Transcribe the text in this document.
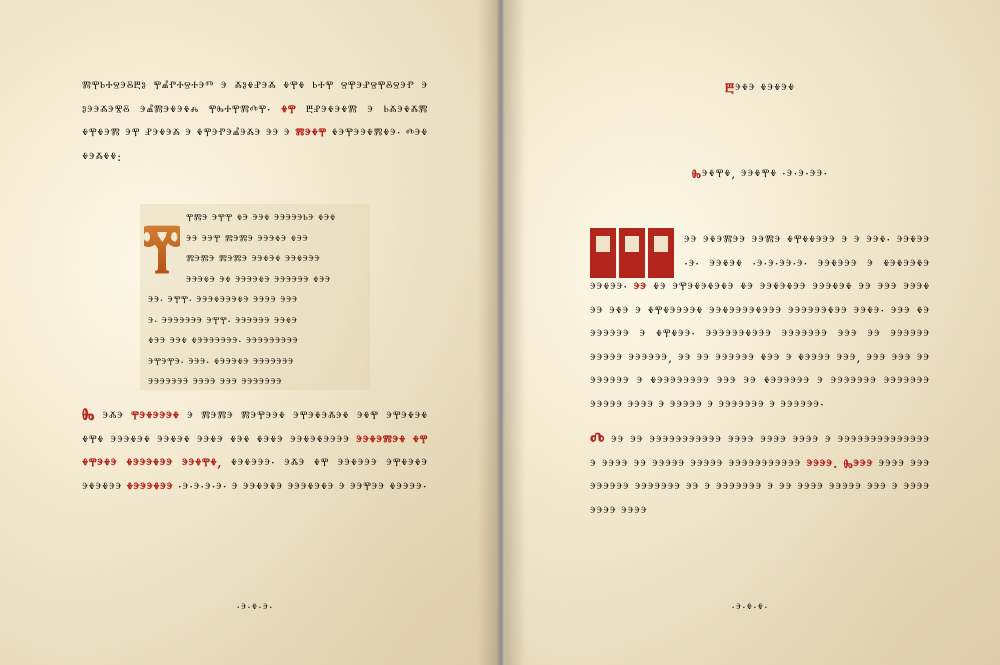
ⰿⰹⱃⰰⱄⰵⰻⰱⱁ ⰹⰼⱂⰰⱄⰰⰵⱅ ⰵ ⰶⱁⰷⱀⰵⰶ ⰷⰹⰷ ⱃⰰⰹ ⱄⰹⰵⱀⱄⰹⰻⱄⰵⱂ ⰵ ⱁⰵⰵⰶⰵⰺⰻ ⰵⰼⰿⰵⰷⰵⰷⰾ ⰹⰸⰰⰹⰿⰴⰹ· ⰷⰹ ⰱⱀⰵⰷⰵⰷⰿ ⰵ ⱃⰶⰵⰷⰶⰿ ⰷⰹⰷⰵⰿ ⰵⰹ ⱀⰵⰷⰵⰶ ⰵ ⰷⰹⰵⱂⰵⰼⰵⰶⰵ ⰵⰵ ⰵ ⰿⰵⰷⰹ ⰷⰵⰹⰵⰵⰷⰿⰷⰵ· ⰴⰵⰷ ⰷⰵⰶⰷⰷ:

Ⰹ
ⰹⰿⰵ ⰵⰹⰹ ⰷⰵ ⰵⰵⰷ ⰵⰵⰵⰵⰵⱃⰵ ⰷⰵⰷ
ⰵⰵ ⰵⰵⰹ ⰿⰵⰿⰵ ⰵⰵⰵⰷⰵ ⰷⰵⰵ
ⰿⰵⰿⰵ ⰿⰵⰿⰵ ⰵⰵⰷⰵⰷ ⰵⰵⰷⰵⰵⰵ
ⰵⰵⰵⰷⰵ ⰵⰷ ⰵⰵⰵⰵⰷⰵ ⰵⰵⰵⰵⰵⰵ ⰷⰵⰵ
ⰵⰵ· ⰵⰹⰹ· ⰵⰵⰵⰷⰵⰵⰵⰷⰵ ⰵⰵⰵⰵ ⰵⰵⰵ
ⰵ· ⰵⰵⰵⰵⰵⰵⰵ ⰵⰹⰹ· ⰵⰵⰵⰵⰵⰵ ⰵⰵⰷⰵ
ⰷⰵⰵ ⰵⰵⰷ ⰷⰵⰵⰵⰵⰵⰵⰵ· ⰵⰵⰵⰵⰵⰵⰵⰵⰵ
ⰵⰹⰵⰹⰵ· ⰵⰵⰵ· ⰷⰵⰵⰵⰷⰵ ⰵⰵⰵⰵⰵⰵⰵ
ⰵⰵⰵⰵⰵⰵⰵ ⰵⰵⰵⰵ ⰵⰵⰵ ⰵⰵⰵⰵⰵⰵⰵ

Ⰸ ⰵⰶⰵ ⰹⰵⰷⰵⰵⰵⰷ ⰵ ⰿⰵⰿⰵ ⰿⰵⰹⰵⰵⰷ ⰵⰹⰵⰷⰵⰶⰵⰷ ⰵⰷⰹ ⰵⰹⰵⰷⰵⰷ ⰷⰹⰷ ⰵⰵⰵⰷⰵⰷ ⰵⰵⰷⰵⰷ ⰵⰵⰷⰵ ⰷⰵⰷ ⰷⰵⰷⰵ ⰵⰵⰷⰵⰷⰵⰵⰵⰵ ⰵⰵⰷⰵⰿⰵⰷ ⰷⰹ ⰷⰹⰵⰷⰵ ⰷⰵⰵⰵⰷⰵⰵ ⰵⰵⰷⰹⰷ, ⰷⰵⰷⰵⰵⰵ· ⰵⰶⰵ ⰷⰹ ⰵⰵⰷⰵⰵⰵ ⰵⰹⰷⰵⰷⰵ ⰵⰷⰵⰷⰵⰵ ⰷⰵⰵⰵⰷⰵⰵ ·ⰵ·ⰵ·ⰵ·ⰵ· ⰵ ⰵⰵⰷⰵⰷⰵ ⰵⰵⰵⰷⰵⰷⰵ ⰵ ⰵⰵⰹⰵⰵ ⰷⰵⰵⰵⰵ·

·ⰵ·ⰷ·ⰵ·
Ⰱⰵⰷⰵ ⰷⰵⰷⰵⰷ
Ⰸⰵⰷⰹⰷ, ⰵⰵⰷⰹⰷ ·ⰵ·ⰵ·ⰵⰵ·

ⰵⰵ ⰵⰷⰵⰿⰵⰵ ⰵⰵⰿⰵ ⰷⰹⰷⰷⰵⰵⰵ ⰵ ⰵ ⰵⰵⰷ· ⰵⰵⰷⰵⰵ ·ⰵ· ⰵⰵⰷⰵⰷ ·ⰵ·ⰵ·ⰵⰵ·ⰵ· ⰵⰵⰷⰵⰵⰵ ⰵ ⰷⰵⰷⰵⰵⰷⰵ ⰵⰵⰷⰵⰵ· ⰵⰵ ⰷⰵ ⰵⰹⰵⰷⰵⰷⰵⰷⰵ ⰷⰵ ⰵⰵⰷⰵⰷⰵⰵ ⰵⰵⰵⰷⰵⰷ ⰵⰵ ⰵⰵⰵ ⰵⰵⰵⰷ ⰵⰵ ⰵⰷⰵ ⰵ ⰷⰹⰷⰵⰵⰵⰵⰷ ⰵⰵⰷⰵⰵⰵⰵⰷⰵⰵⰵ ⰵⰵⰵⰵⰵⰵⰷⰵⰵ ⰵⰵⰷⰵ· ⰵⰵⰵ ⰷⰵ ⰵⰵⰵⰵⰵⰵ ⰵ ⰷⰹⰷⰵⰵ· ⰵⰵⰵⰵⰵⰵⰷⰵⰵⰵ ⰵⰵⰵⰵⰵⰵⰵ ⰵⰵⰵ ⰵⰵ ⰵⰵⰵⰵⰵⰵ ⰵⰵⰵⰵⰵ ⰵⰵⰵⰵⰵⰵ, ⰵⰵ ⰵⰵ ⰵⰵⰵⰵⰵⰵ ⰷⰵⰵ ⰵ ⰷⰵⰵⰵⰵ ⰵⰵⰵ, ⰵⰵⰵ ⰵⰵⰵ ⰵⰵ ⰵⰵⰵⰵⰵⰵ ⰵ ⰷⰵⰵⰵⰵⰵⰵⰵⰵ ⰵⰵⰵ ⰵⰵ ⰷⰵⰵⰵⰵⰵⰵ ⰵ ⰵⰵⰵⰵⰵⰵⰵ ⰵⰵⰵⰵⰵⰵⰵ ⰵⰵⰵⰵⰵ ⰵⰵⰵⰵ ⰵ ⰵⰵⰵⰵⰵ ⰵ ⰵⰵⰵⰵⰵⰵⰵ ⰵ ⰵⰵⰵⰵⰵⰵ·

Ⰴ ⰵⰵ ⰵⰵ ⰵⰵⰵⰵⰵⰵⰵⰵⰵⰵⰵ ⰵⰵⰵⰵ ⰵⰵⰵⰵ ⰵⰵⰵⰵ ⰵ ⰵⰵⰵⰵⰵⰵⰵⰵⰵⰵⰵⰵⰵⰵ ⰵ ⰵⰵⰵⰵ ⰵⰵ ⰵⰵⰵⰵⰵ ⰵⰵⰵⰵⰵ ⰵⰵⰵⰵⰵⰵⰵⰵⰵⰵⰵ ⰵⰵⰵⰵ. Ⰸⰵⰵⰵ ⰵⰵⰵⰵ ⰵⰵⰵ ⰵⰵⰵⰵⰵⰵ ⰵⰵⰵⰵⰵⰵⰵ ⰵⰵ ⰵ ⰵⰵⰵⰵⰵⰵⰵ ⰵ ⰵⰵ ⰵⰵⰵⰵ ⰵⰵⰵⰵⰵ ⰵⰵⰵ ⰵ ⰵⰵⰵⰵ ⰵⰵⰵⰵ ⰵⰵⰵⰵ

·ⰵ·ⰷ·ⰷ·
